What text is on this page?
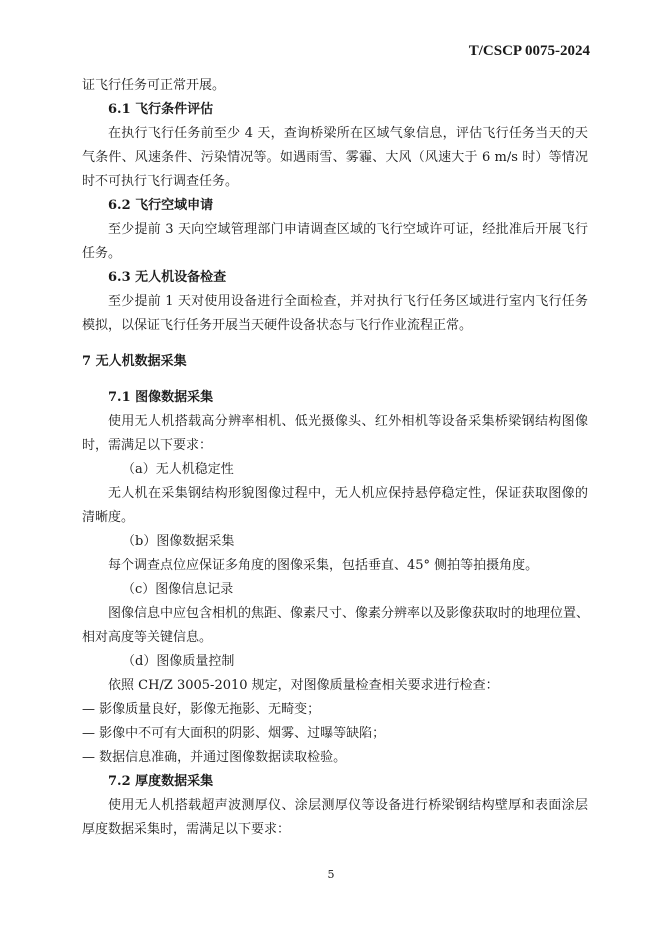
T/CSCP 0075-2024
证飞行任务可正常开展。
6.1 飞行条件评估
在执行飞行任务前至少 4 天，查询桥梁所在区域气象信息，评估飞行任务当天的天
气条件、风速条件、污染情况等。如遇雨雪、雾霾、大风（风速大于 6 m/s 时）等情况
时不可执行飞行调查任务。
6.2 飞行空域申请
至少提前 3 天向空域管理部门申请调查区域的飞行空域许可证，经批准后开展飞行
任务。
6.3 无人机设备检查
至少提前 1 天对使用设备进行全面检查，并对执行飞行任务区域进行室内飞行任务
模拟，以保证飞行任务开展当天硬件设备状态与飞行作业流程正常。
7 无人机数据采集
7.1 图像数据采集
使用无人机搭载高分辨率相机、低光摄像头、红外相机等设备采集桥梁钢结构图像
时，需满足以下要求：
（a）无人机稳定性
无人机在采集钢结构形貌图像过程中，无人机应保持悬停稳定性，保证获取图像的
清晰度。
（b）图像数据采集
每个调查点位应保证多角度的图像采集，包括垂直、45° 侧拍等拍摄角度。
（c）图像信息记录
图像信息中应包含相机的焦距、像素尺寸、像素分辨率以及影像获取时的地理位置、
相对高度等关键信息。
（d）图像质量控制
依照 CH/Z 3005-2010 规定，对图像质量检查相关要求进行检查：
— 影像质量良好，影像无拖影、无畸变；
— 影像中不可有大面积的阴影、烟雾、过曝等缺陷；
— 数据信息准确，并通过图像数据读取检验。
7.2 厚度数据采集
使用无人机搭载超声波测厚仪、涂层测厚仪等设备进行桥梁钢结构壁厚和表面涂层
厚度数据采集时，需满足以下要求：
5
